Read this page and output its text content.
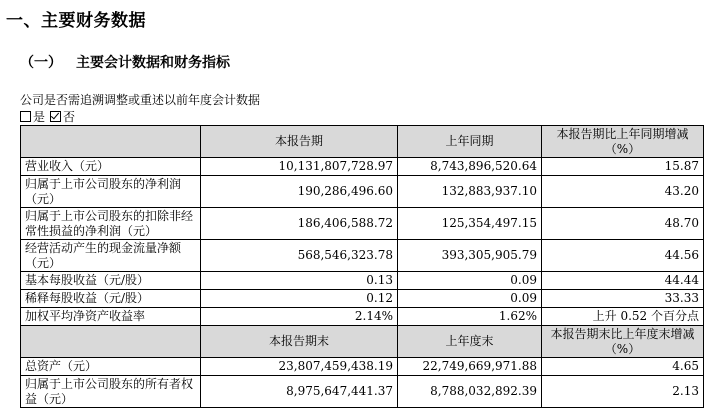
一、主要财务数据
（一） 主要会计数据和财务指标
公司是否需追溯调整或重述以前年度会计数据
是 否
	本报告期	上年同期	本报告期比上年同期增减（%）
营业收入（元）	10,131,807,728.97	8,743,896,520.64	15.87
归属于上市公司股东的净利润（元）	190,286,496.60	132,883,937.10	43.20
归属于上市公司股东的扣除非经常性损益的净利润（元）	186,406,588.72	125,354,497.15	48.70
经营活动产生的现金流量净额（元）	568,546,323.78	393,305,905.79	44.56
基本每股收益（元/股）	0.13	0.09	44.44
稀释每股收益（元/股）	0.12	0.09	33.33
加权平均净资产收益率	2.14%	1.62%	上升 0.52 个百分点
	本报告期末	上年度末	本报告期末比上年度末增减（%）
总资产（元）	23,807,459,438.19	22,749,669,971.88	4.65
归属于上市公司股东的所有者权益（元）	8,975,647,441.37	8,788,032,892.39	2.13
